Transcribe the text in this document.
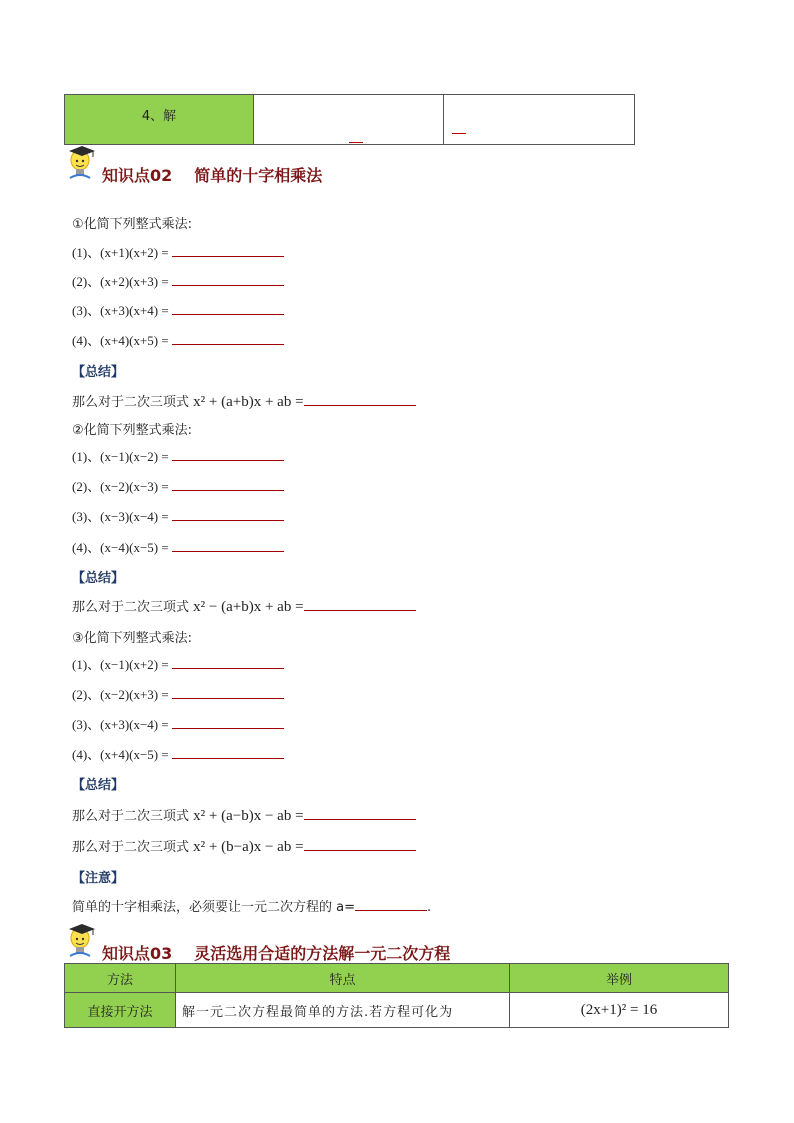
4、解
知识点02 简单的十字相乘法
①化简下列整式乘法:
(1)、(x+1)(x+2) =
(2)、(x+2)(x+3) =
(3)、(x+3)(x+4) =
(4)、(x+4)(x+5) =
【总结】
那么对于二次三项式 x² + (a+b)x + ab =
②化简下列整式乘法:
(1)、(x−1)(x−2) =
(2)、(x−2)(x−3) =
(3)、(x−3)(x−4) =
(4)、(x−4)(x−5) =
【总结】
那么对于二次三项式 x² − (a+b)x + ab =
③化简下列整式乘法:
(1)、(x−1)(x+2) =
(2)、(x−2)(x+3) =
(3)、(x+3)(x−4) =
(4)、(x+4)(x−5) =
【总结】
那么对于二次三项式 x² + (a−b)x − ab =
那么对于二次三项式 x² + (b−a)x − ab =
【注意】
简单的十字相乘法，必须要让一元二次方程的 a=	.
知识点03 灵活选用合适的方法解一元二次方程
方法	特点	举例
直接开方法	解一元二次方程最简单的方法.若方程可化为	(2x+1)² = 16
